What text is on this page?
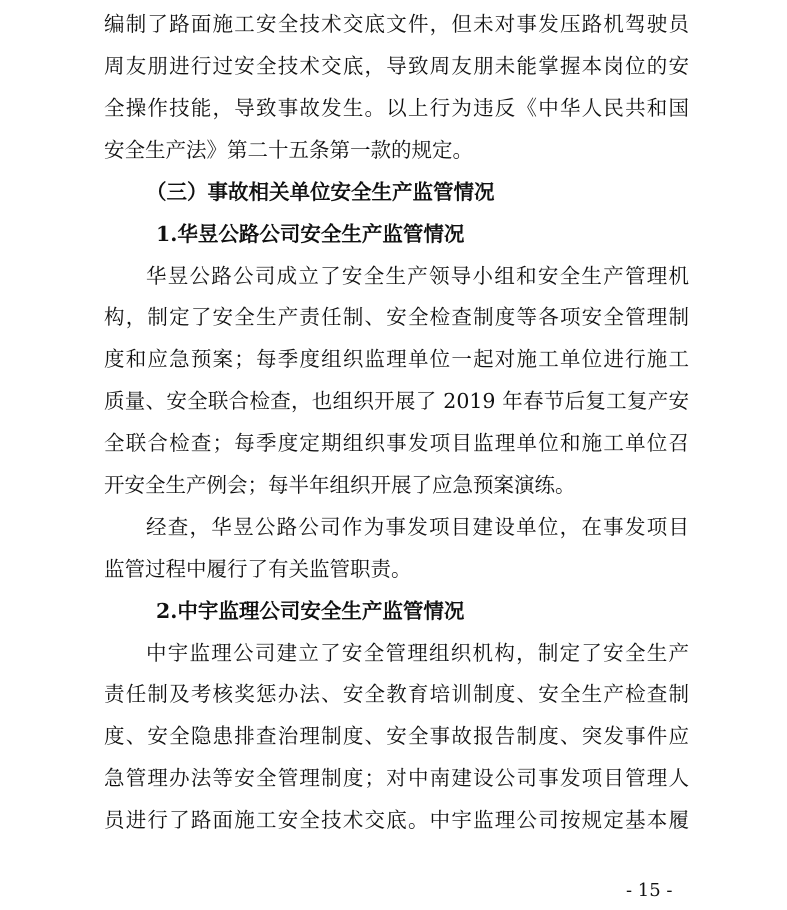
编制了路面施工安全技术交底文件，但未对事发压路机驾驶员
周友朋进行过安全技术交底，导致周友朋未能掌握本岗位的安
全操作技能，导致事故发生。以上行为违反《中华人民共和国
安全生产法》第二十五条第一款的规定。
（三）事故相关单位安全生产监管情况
1.华昱公路公司安全生产监管情况
华昱公路公司成立了安全生产领导小组和安全生产管理机
构，制定了安全生产责任制、安全检查制度等各项安全管理制
度和应急预案；每季度组织监理单位一起对施工单位进行施工
质量、安全联合检查，也组织开展了 2019 年春节后复工复产安
全联合检查；每季度定期组织事发项目监理单位和施工单位召
开安全生产例会；每半年组织开展了应急预案演练。
经查，华昱公路公司作为事发项目建设单位，在事发项目
监管过程中履行了有关监管职责。
2.中宇监理公司安全生产监管情况
中宇监理公司建立了安全管理组织机构，制定了安全生产
责任制及考核奖惩办法、安全教育培训制度、安全生产检查制
度、安全隐患排查治理制度、安全事故报告制度、突发事件应
急管理办法等安全管理制度；对中南建设公司事发项目管理人
员进行了路面施工安全技术交底。中宇监理公司按规定基本履
- 15 -
